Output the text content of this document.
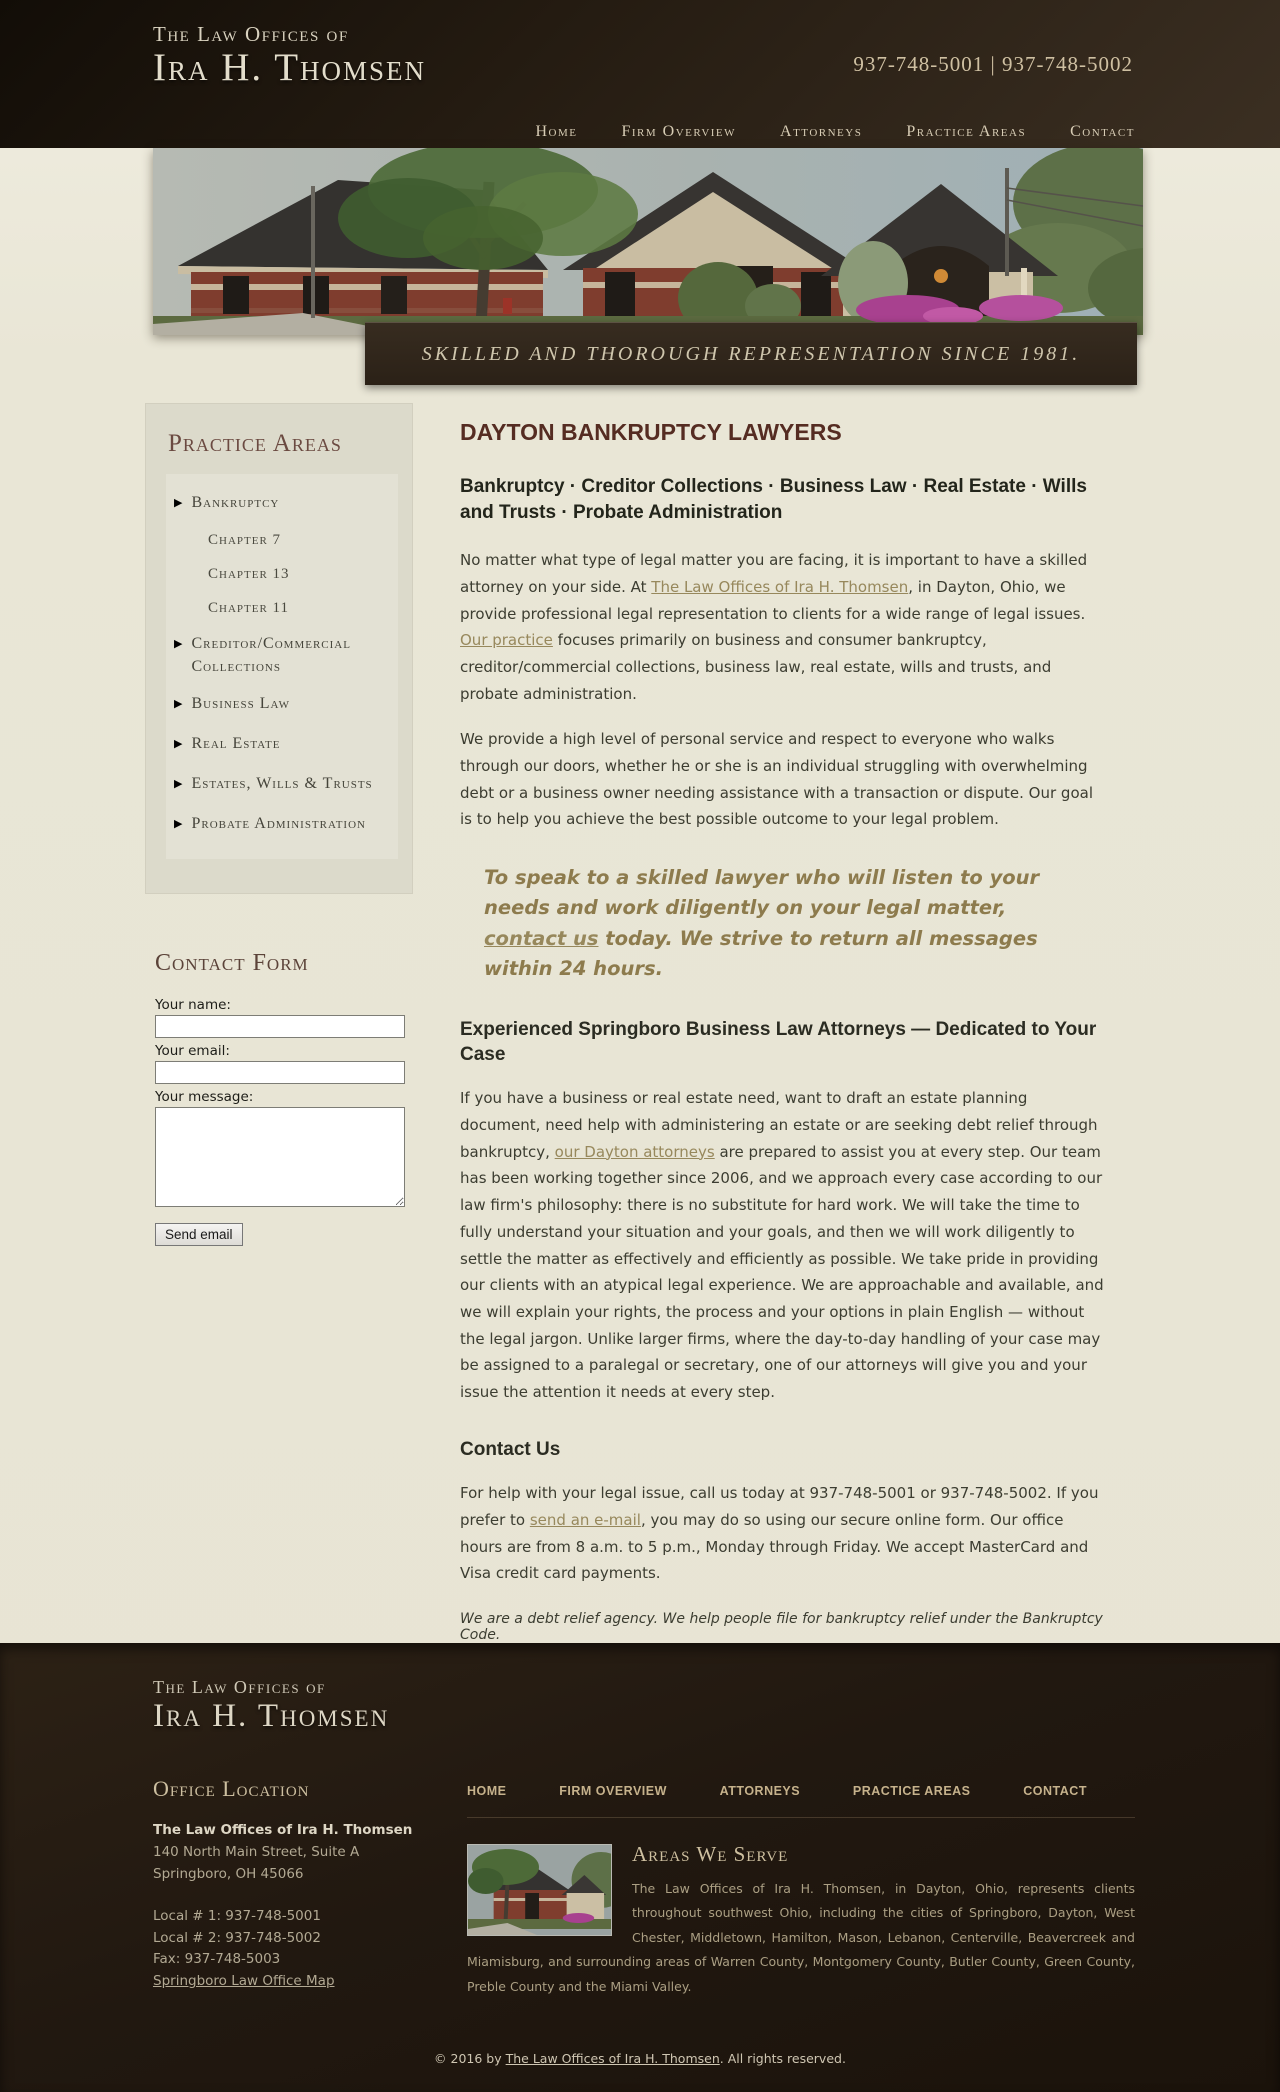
The Law Offices of
Ira H. Thomsen	937-748-5001 | 937-748-5002
Home	Firm Overview	Attorneys	Practice Areas	Contact
SKILLED AND THOROUGH REPRESENTATION SINCE 1981.
Practice Areas
▶ Bankruptcy
Chapter 7
Chapter 13
Chapter 11
▶ Creditor/Commercial Collections
▶ Business Law
▶ Real Estate
▶ Estates, Wills & Trusts
▶ Probate Administration
Contact Form
Your name:
Your email:
Your message:
Send email
DAYTON BANKRUPTCY LAWYERS
Bankruptcy · Creditor Collections · Business Law · Real Estate · Wills and Trusts · Probate Administration

No matter what type of legal matter you are facing, it is important to have a skilled attorney on your side. At The Law Offices of Ira H. Thomsen, in Dayton, Ohio, we provide professional legal representation to clients for a wide range of legal issues. Our practice focuses primarily on business and consumer bankruptcy, creditor/commercial collections, business law, real estate, wills and trusts, and probate administration.

We provide a high level of personal service and respect to everyone who walks through our doors, whether he or she is an individual struggling with overwhelming debt or a business owner needing assistance with a transaction or dispute. Our goal is to help you achieve the best possible outcome to your legal problem.

To speak to a skilled lawyer who will listen to your needs and work diligently on your legal matter, contact us today. We strive to return all messages within 24 hours.
Experienced Springboro Business Law Attorneys — Dedicated to Your Case

If you have a business or real estate need, want to draft an estate planning document, need help with administering an estate or are seeking debt relief through bankruptcy, our Dayton attorneys are prepared to assist you at every step. Our team has been working together since 2006, and we approach every case according to our law firm's philosophy: there is no substitute for hard work. We will take the time to fully understand your situation and your goals, and then we will work diligently to settle the matter as effectively and efficiently as possible. We take pride in providing our clients with an atypical legal experience. We are approachable and available, and we will explain your rights, the process and your options in plain English — without the legal jargon. Unlike larger firms, where the day-to-day handling of your case may be assigned to a paralegal or secretary, one of our attorneys will give you and your issue the attention it needs at every step.

Contact Us

For help with your legal issue, call us today at 937-748-5001 or 937-748-5002. If you prefer to send an e-mail, you may do so using our secure online form. Our office hours are from 8 a.m. to 5 p.m., Monday through Friday. We accept MasterCard and Visa credit card payments.

We are a debt relief agency. We help people file for bankruptcy relief under the Bankruptcy Code.

The Law Offices of
Ira H. Thomsen
Office Location
The Law Offices of Ira H. Thomsen
140 North Main Street, Suite A
Springboro, OH 45066
Local # 1: 937-748-5001
Local # 2: 937-748-5002
Fax: 937-748-5003
Springboro Law Office Map
HOME	FIRM OVERVIEW	ATTORNEYS	PRACTICE AREAS	CONTACT
Areas We Serve

The Law Offices of Ira H. Thomsen, in Dayton, Ohio, represents clients throughout southwest Ohio, including the cities of Springboro, Dayton, West Chester, Middletown, Hamilton, Mason, Lebanon, Centerville, Beavercreek and Miamisburg, and surrounding areas of Warren County, Montgomery County, Butler County, Green County, Preble County and the Miami Valley.

© 2016 by The Law Offices of Ira H. Thomsen. All rights reserved.
